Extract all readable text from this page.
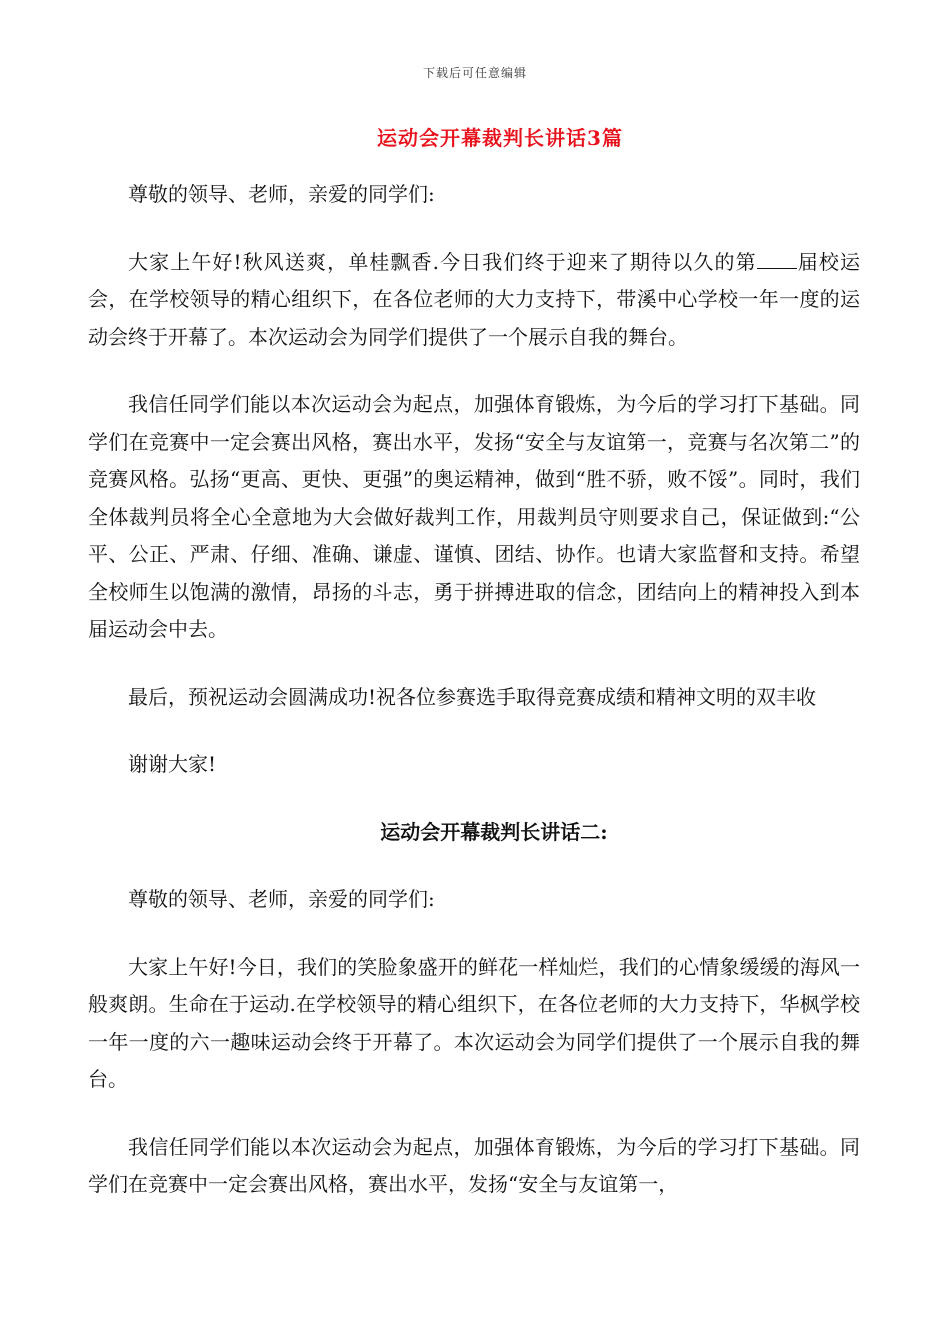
下载后可任意编辑
运动会开幕裁判长讲话3篇

尊敬的领导、老师，亲爱的同学们:

大家上午好!秋风送爽，单桂飘香.今日我们终于迎来了期待以久的第 届校运会，在学校领导的精心组织下，在各位老师的大力支持下，带溪中心学校一年一度的运动会终于开幕了。本次运动会为同学们提供了一个展示自我的舞台。

我信任同学们能以本次运动会为起点，加强体育锻炼，为今后的学习打下基础。同学们在竞赛中一定会赛出风格，赛出水平，发扬“安全与友谊第一，竞赛与名次第二”的竞赛风格。弘扬“更高、更快、更强”的奥运精神，做到“胜不骄，败不馁”。同时，我们全体裁判员将全心全意地为大会做好裁判工作，用裁判员守则要求自己，保证做到:“公平、公正、严肃、仔细、准确、谦虚、谨慎、团结、协作。也请大家监督和支持。希望全校师生以饱满的激情，昂扬的斗志，勇于拼搏进取的信念，团结向上的精神投入到本届运动会中去。

最后，预祝运动会圆满成功!祝各位参赛选手取得竞赛成绩和精神文明的双丰收

谢谢大家!

运动会开幕裁判长讲话二:

尊敬的领导、老师，亲爱的同学们:

大家上午好!今日，我们的笑脸象盛开的鲜花一样灿烂，我们的心情象缓缓的海风一般爽朗。生命在于运动.在学校领导的精心组织下，在各位老师的大力支持下，华枫学校一年一度的六一趣味运动会终于开幕了。本次运动会为同学们提供了一个展示自我的舞台。

我信任同学们能以本次运动会为起点，加强体育锻炼，为今后的学习打下基础。同学们在竞赛中一定会赛出风格，赛出水平，发扬“安全与友谊第一，
